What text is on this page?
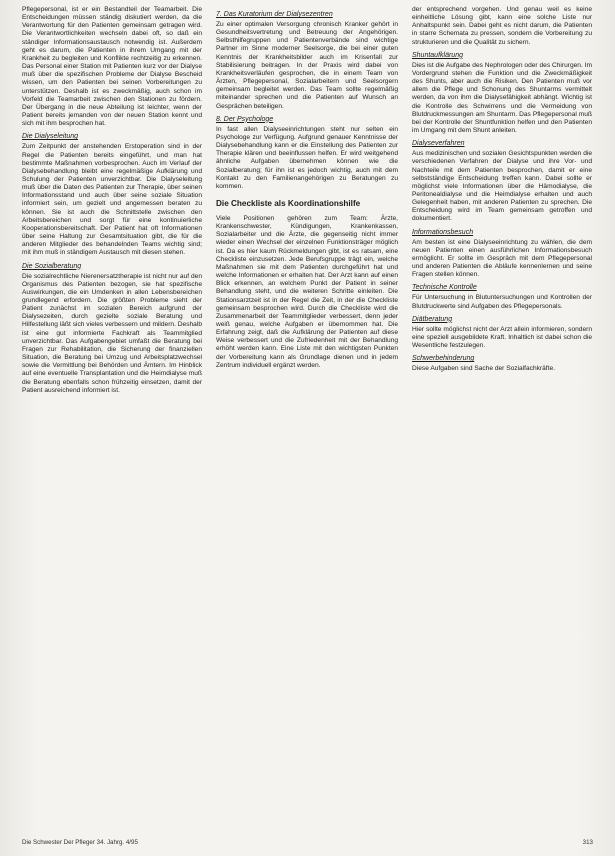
Pflegepersonal, ist er ein Bestandteil der Teamarbeit. Die Entscheidungen müssen ständig diskutiert werden, da die Verantwortung für den Patienten gemeinsam getragen wird. Die Verantwortlichkeiten wechseln dabei oft, so daß ein ständiger Informationsaustausch notwendig ist. Außerdem geht es darum, die Patienten in ihrem Umgang mit der Krankheit zu begleiten und Konflikte rechtzeitig zu erkennen. Das Personal einer Station mit Patienten kurz vor der Dialyse muß über die spezifischen Probleme der Dialyse Bescheid wissen, um den Patienten bei seinen Vorbereitungen zu unterstützen. Deshalb ist es zweckmäßig, auch schon im Vorfeld die Teamarbeit zwischen den Stationen zu fördern. Der Übergang in die neue Abteilung ist leichter, wenn der Patient bereits jemanden von der neuen Station kennt und sich mit ihm besprochen hat.

Die Dialyseleitung

Zum Zeitpunkt der anstehenden Erstoperation sind in der Regel die Patienten bereits eingeführt, und man hat bestimmte Maßnahmen vorbesprochen. Auch im Verlauf der Dialysebehandlung bleibt eine regelmäßige Aufklärung und Schulung der Patienten unverzichtbar. Die Dialyseleitung muß über die Daten des Patienten zur Therapie, über seinen Informationsstand und auch über seine soziale Situation informiert sein, um gezielt und angemessen beraten zu können. Sie ist auch die Schnittstelle zwischen den Arbeitsbereichen und sorgt für eine kontinuierliche Kooperationsbereitschaft. Der Patient hat oft Informationen über seine Haltung zur Gesamtsituation gibt, die für die anderen Mitglieder des behandelnden Teams wichtig sind; mit ihm muß in ständigem Austausch mit diesen stehen.

Die Sozialberatung

Die sozialrechtliche Nierenersatztherapie ist nicht nur auf den Organismus des Patienten bezogen, sie hat spezifische Auswirkungen, die ein Umdenken in allen Lebensbereichen grundlegend erfordern. Die größten Probleme sieht der Patient zunächst im sozialen Bereich aufgrund der Dialysezeiten, durch gezielte soziale Beratung und Hilfestellung läßt sich vieles verbessern und mildern. Deshalb ist eine gut informierte Fachkraft als Teammitglied unverzichtbar. Das Aufgabengebiet umfaßt die Beratung bei Fragen zur Rehabilitation, die Sicherung der finanziellen Situation, die Beratung bei Umzug und Arbeitsplatzwechsel sowie die Vermittlung bei Behörden und Ämtern. Im Hinblick auf eine eventuelle Transplantation und die Heimdialyse muß die Beratung ebenfalls schon frühzeitig einsetzen, damit der Patient ausreichend informiert ist.

7. Das Kuratorium der Dialysezentren

Zu einer optimalen Versorgung chronisch Kranker gehört in Gesundheitsvertretung und Betreuung der Angehörigen. Selbsthilfegruppen und Patientenverbände sind wichtige Partner im Sinne moderner Seelsorge, die bei einer guten Kenntnis der Krankheitsbilder auch im Krisenfall zur Stabilisierung beitragen. In der Praxis wird dabei von Krankheitsverläufen gesprochen, die in einem Team von Ärzten, Pflegepersonal, Sozialarbeitern und Seelsorgern gemeinsam begleitet werden. Das Team sollte regelmäßig miteinander sprechen und die Patienten auf Wunsch an Gesprächen beteiligen.

8. Der Psychologe

In fast allen Dialyseeinrichtungen steht nur selten ein Psychologe zur Verfügung. Aufgrund genauer Kenntnisse der Dialysebehandlung kann er die Einstellung des Patienten zur Therapie klären und beeinflussen helfen. Er wird weitgehend ähnliche Aufgaben übernehmen können wie die Sozialberatung; für ihn ist es jedoch wichtig, auch mit dem Kontakt zu den Familienangehörigen zu Beratungen zu kommen.

Die Checkliste als Koordinationshilfe

Viele Positionen gehören zum Team: Ärzte, Krankenschwester, Kündigungen, Krankenkassen, Sozialarbeiter und die Ärzte, die gegenseitig nicht immer wieder einen Wechsel der einzelnen Funktionsträger möglich ist. Da es hier kaum Rückmeldungen gibt, ist es ratsam, eine Checkliste einzusetzen. Jede Berufsgruppe trägt ein, welche Maßnahmen sie mit dem Patienten durchgeführt hat und welche Informationen er erhalten hat. Der Arzt kann auf einen Blick erkennen, an welchem Punkt der Patient in seiner Behandlung steht, und die weiteren Schritte einleiten. Die Stationsarztzeit ist in der Regel die Zeit, in der die Checkliste gemeinsam besprochen wird. Durch die Checkliste wird die Zusammenarbeit der Teammitglieder verbessert, denn jeder weiß genau, welche Aufgaben er übernommen hat. Die Erfahrung zeigt, daß die Aufklärung der Patienten auf diese Weise verbessert und die Zufriedenheit mit der Behandlung erhöht werden kann. Eine Liste mit den wichtigsten Punkten der Vorbereitung kann als Grundlage dienen und in jedem Zentrum individuell ergänzt werden.

der entsprechend vorgehen. Und genau weil es keine einheitliche Lösung gibt, kann eine solche Liste nur Anhaltspunkt sein. Dabei geht es nicht darum, die Patienten in starre Schemata zu pressen, sondern die Vorbereitung zu strukturieren und die Qualität zu sichern.

Shuntaufklärung

Dies ist die Aufgabe des Nephrologen oder des Chirurgen. Im Vordergrund stehen die Funktion und die Zweckmäßigkeit des Shunts, aber auch die Risiken. Den Patienten muß vor allem die Pflege und Schonung des Shuntarms vermittelt werden, da von ihm die Dialysefähigkeit abhängt. Wichtig ist die Kontrolle des Schwirrens und die Vermeidung von Blutdruckmessungen am Shuntarm. Das Pflegepersonal muß bei der Kontrolle der Shuntfunktion helfen und den Patienten im Umgang mit dem Shunt anleiten.

Dialyseverfahren

Aus medizinischen und sozialen Gesichtspunkten werden die verschiedenen Verfahren der Dialyse und ihre Vor- und Nachteile mit dem Patienten besprochen, damit er eine selbstständige Entscheidung treffen kann. Dabei sollte er möglichst viele Informationen über die Hämodialyse, die Peritonealdialyse und die Heimdialyse erhalten und auch Gelegenheit haben, mit anderen Patienten zu sprechen. Die Entscheidung wird im Team gemeinsam getroffen und dokumentiert.

Informationsbesuch

Am besten ist eine Dialyseeinrichtung zu wählen, die dem neuen Patienten einen ausführlichen Informationsbesuch ermöglicht. Er sollte im Gespräch mit dem Pflegepersonal und anderen Patienten die Abläufe kennenlernen und seine Fragen stellen können.

Technische Kontrolle

Für Untersuchung in Blutuntersuchungen und Kontrollen der Blutdruckwerte sind Aufgaben des Pflegepersonals.

Diätberatung

Hier sollte möglichst nicht der Arzt allein informieren, sondern eine speziell ausgebildete Kraft. Inhaltlich ist dabei schon die Wesentliche festzulegen.

Schwerbehinderung

Diese Aufgaben sind Sache der Sozialfachkräfte.

Die Schwester Der Pfleger 34. Jahrg. 4/95	313
